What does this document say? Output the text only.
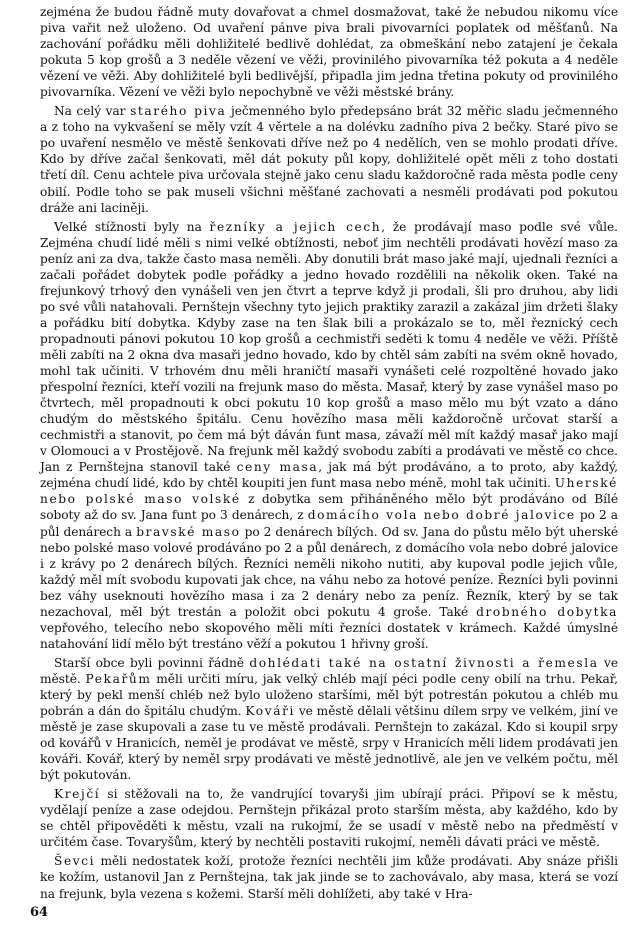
zejména že budou řádně muty dovařovat a chmel dosmažovat, také že nebudou nikomu více piva vařit než uloženo. Od uvaření pánve piva brali pivovarníci poplatek od měšťanů. Na zachování pořádku měli dohližitelé bedlivě dohlédat, za obmeškání nebo zatajení je čekala pokuta 5 kop grošů a 3 neděle vězení ve věži, provinilého pivovarníka též pokuta a 4 neděle vězení ve věži. Aby dohližitelé byli bedlivější, připadla jim jedna třetina pokuty od provinilého pivovarníka. Vězení ve věži bylo nepochybně ve věži městské brány.

Na celý var starého piva ječmenného bylo předepsáno brát 32 měřic sladu ječmenného a z toho na vykvašení se měly vzít 4 věrtele a na dolévku zadního piva 2 bečky. Staré pivo se po uvaření nesmělo ve městě šenkovati dříve než po 4 nedělích, ven se mohlo prodati dříve. Kdo by dříve začal šenkovati, měl dát pokuty půl kopy, dohližitelé opět měli z toho dostati třetí díl. Cenu achtele piva určovala stejně jako cenu sladu každoročně rada města podle ceny obilí. Podle toho se pak museli všichni měšťané zachovati a nesměli prodávati pod pokutou dráže ani laciněji.

Velké stížnosti byly na řezníky a jejich cech, že prodávají maso podle své vůle. Zejména chudí lidé měli s nimi velké obtížnosti, neboť jim nechtěli prodávati hovězí maso za peníz ani za dva, takže často masa neměli. Aby donutili brát maso jaké mají, ujednali řezníci a začali pořádet dobytek podle pořádky a jedno hovado rozdělili na několik oken. Také na frejunkový trhový den vynášeli ven jen čtvrt a teprve když ji prodali, šli pro druhou, aby lidi po své vůli natahovali. Pernštejn všechny tyto jejich praktiky zarazil a zakázal jim držeti šlaky a pořádku bití dobytka. Kdyby zase na ten šlak bili a prokázalo se to, měl řeznický cech propadnouti pánovi pokutou 10 kop grošů a cechmistři seděti k tomu 4 neděle ve věži. Příště měli zabíti na 2 okna dva masaři jedno hovado, kdo by chtěl sám zabíti na svém okně hovado, mohl tak učiniti. V trhovém dnu měli hraničtí masaři vynášeti celé rozpoltěné hovado jako přespolní řezníci, kteří vozili na frejunk maso do města. Masař, který by zase vynášel maso po čtvrtech, měl propadnouti k obci pokutu 10 kop grošů a maso mělo mu být vzato a dáno chudým do městského špitálu. Cenu hovězího masa měli každoročně určovat starší a cechmistři a stanovit, po čem má být dáván funt masa, závaží měl mít každý masař jako mají v Olomouci a v Prostějově. Na frejunk měl každý svobodu zabíti a prodávati ve městě co chce. Jan z Pernštejna stanovil také ceny masa, jak má být prodáváno, a to proto, aby každý, zejména chudí lidé, kdo by chtěl koupiti jen funt masa nebo méně, mohl tak učiniti. Uherské nebo polské maso volské z dobytka sem přiháněného mělo být prodáváno od Bílé soboty až do sv. Jana funt po 3 denárech, z domácího vola nebo dobré jalovice po 2 a půl denárech a bravské maso po 2 denárech bílých. Od sv. Jana do půstu mělo být uherské nebo polské maso volové prodáváno po 2 a půl denárech, z domácího vola nebo dobré jalovice i z krávy po 2 denárech bílých. Řezníci neměli nikoho nutiti, aby kupoval podle jejich vůle, každý měl mít svobodu kupovati jak chce, na váhu nebo za hotové peníze. Řezníci byli povinni bez váhy useknouti hovězího masa i za 2 denáry nebo za peníz. Řezník, který by se tak nezachoval, měl být trestán a položit obci pokutu 4 groše. Také drobného dobytka vepřového, telecího nebo skopového měli míti řezníci dostatek v krámech. Každé úmyslné natahování lidí mělo být trestáno věží a pokutou 1 hřivny groší.

Starší obce byli povinni řádně dohlédati také na ostatní živnosti a řemesla ve městě. Pekařům měli určiti míru, jak velký chléb mají péci podle ceny obilí na trhu. Pekař, který by pekl menší chléb než bylo uloženo staršími, měl být potrestán pokutou a chléb mu pobrán a dán do špitálu chudým. Kováři ve městě dělali většinu dílem srpy ve velkém, jiní ve městě je zase skupovali a zase tu ve městě prodávali. Pernštejn to zakázal. Kdo si koupil srpy od kovářů v Hranicích, neměl je prodávat ve městě, srpy v Hranicích měli lidem prodávati jen kováři. Kovář, který by neměl srpy prodávati ve městě jednotlivě, ale jen ve velkém počtu, měl být pokutován.

Krejčí si stěžovali na to, že vandrující tovaryši jim ubírají práci. Připoví se k městu, vydělají peníze a zase odejdou. Pernštejn přikázal proto starším města, aby každého, kdo by se chtěl připověděti k městu, vzali na rukojmí, že se usadí v městě nebo na předměstí v určitém čase. Tovaryšům, který by nechtěli postaviti rukojmí, neměli dávati práci ve městě.

Ševci měli nedostatek koží, protože řezníci nechtěli jim kůže prodávati. Aby snáze přišli ke kožím, ustanovil Jan z Pernštejna, tak jak jinde se to zachovávalo, aby masa, která se vozí na frejunk, byla vezena s kožemi. Starší měli dohlížeti, aby také v Hra-

64
